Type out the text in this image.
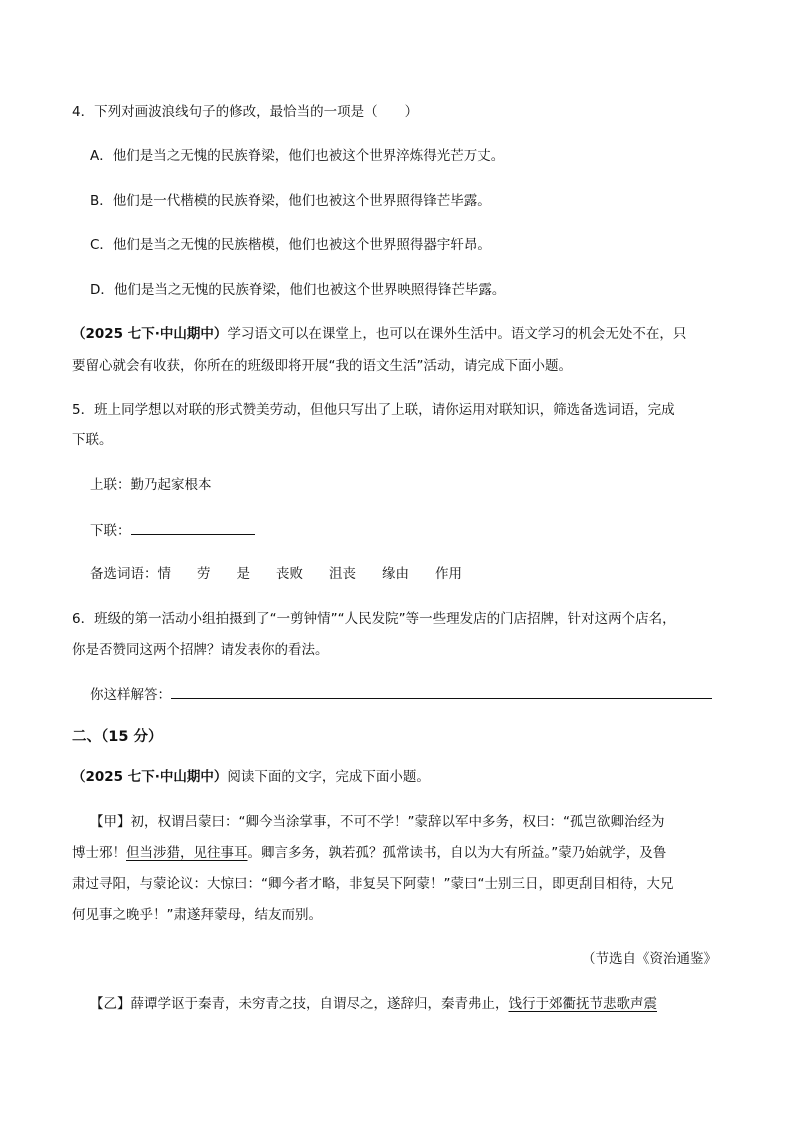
4．下列对画波浪线句子的修改，最恰当的一项是（　　）
A．他们是当之无愧的民族脊梁，他们也被这个世界淬炼得光芒万丈。
B．他们是一代楷模的民族脊梁，他们也被这个世界照得锋芒毕露。
C．他们是当之无愧的民族楷模，他们也被这个世界照得器宇轩昂。
D．他们是当之无愧的民族脊梁，他们也被这个世界映照得锋芒毕露。
（2025 七下·中山期中）学习语文可以在课堂上，也可以在课外生活中。语文学习的机会无处不在，只
要留心就会有收获，你所在的班级即将开展“我的语文生活”活动，请完成下面小题。
5．班上同学想以对联的形式赞美劳动，但他只写出了上联，请你运用对联知识，筛选备选词语，完成
下联。
上联：勤乃起家根本
下联：
备选词语：情 劳 是 丧败 沮丧 缘由 作用
6．班级的第一活动小组拍摄到了“一剪钟情”“人民发院”等一些理发店的门店招牌，针对这两个店名，
你是否赞同这两个招牌？请发表你的看法。
你这样解答：
二、（15 分）
（2025 七下·中山期中）阅读下面的文字，完成下面小题。
【甲】初，权谓吕蒙曰：“卿今当涂掌事，不可不学！”蒙辞以军中多务，权曰：“孤岂欲卿治经为
博士邪！但当涉猎，见往事耳。卿言多务，孰若孤？孤常读书，自以为大有所益。”蒙乃始就学，及鲁
肃过寻阳，与蒙论议：大惊曰：“卿今者才略，非复吴下阿蒙！”蒙曰“士别三日，即更刮目相待，大兄
何见事之晚乎！”肃遂拜蒙母，结友而别。
（节选自《资治通鉴》
【乙】薛谭学讴于秦青，未穷青之技，自谓尽之，遂辞归，秦青弗止，饯行于郊衢抚节悲歌声震
